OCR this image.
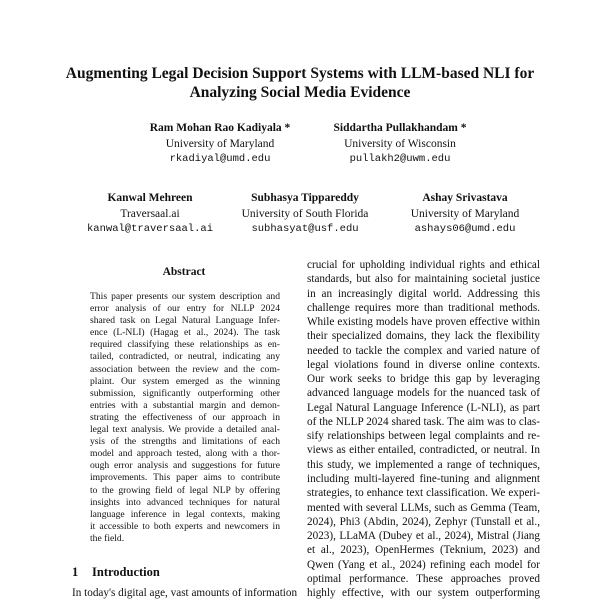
Augmenting Legal Decision Support Systems with LLM-based NLI for
Analyzing Social Media Evidence
Ram Mohan Rao Kadiyala *
University of Maryland
rkadiyal@umd.edu
Siddartha Pullakhandam *
University of Wisconsin
pullakh2@uwm.edu
Kanwal Mehreen
Traversaal.ai
kanwal@traversaal.ai
Subhasya Tippareddy
University of South Florida
subhasyat@usf.edu
Ashay Srivastava
University of Maryland
ashays06@umd.edu
Abstract
This paper presents our system description and
error analysis of our entry for NLLP 2024
shared task on Legal Natural Language Infer-
ence (L-NLI) (Hagag et al., 2024). The task
required classifying these relationships as en-
tailed, contradicted, or neutral, indicating any
association between the review and the com-
plaint. Our system emerged as the winning
submission, significantly outperforming other
entries with a substantial margin and demon-
strating the effectiveness of our approach in
legal text analysis. We provide a detailed anal-
ysis of the strengths and limitations of each
model and approach tested, along with a thor-
ough error analysis and suggestions for future
improvements. This paper aims to contribute
to the growing field of legal NLP by offering
insights into advanced techniques for natural
language inference in legal contexts, making
it accessible to both experts and newcomers in
the field.
1 Introduction
In today's digital age, vast amounts of information
crucial for upholding individual rights and ethical
standards, but also for maintaining societal justice
in an increasingly digital world. Addressing this
challenge requires more than traditional methods.
While existing models have proven effective within
their specialized domains, they lack the flexibility
needed to tackle the complex and varied nature of
legal violations found in diverse online contexts.
Our work seeks to bridge this gap by leveraging
advanced language models for the nuanced task of
Legal Natural Language Inference (L-NLI), as part
of the NLLP 2024 shared task. The aim was to clas-
sify relationships between legal complaints and re-
views as either entailed, contradicted, or neutral. In
this study, we implemented a range of techniques,
including multi-layered fine-tuning and alignment
strategies, to enhance text classification. We experi-
mented with several LLMs, such as Gemma (Team,
2024), Phi3 (Abdin, 2024), Zephyr (Tunstall et al.,
2023), LLaMA (Dubey et al., 2024), Mistral (Jiang
et al., 2023), OpenHermes (Teknium, 2023) and
Qwen (Yang et al., 2024) refining each model for
optimal performance. These approaches proved
highly effective, with our system outperforming
